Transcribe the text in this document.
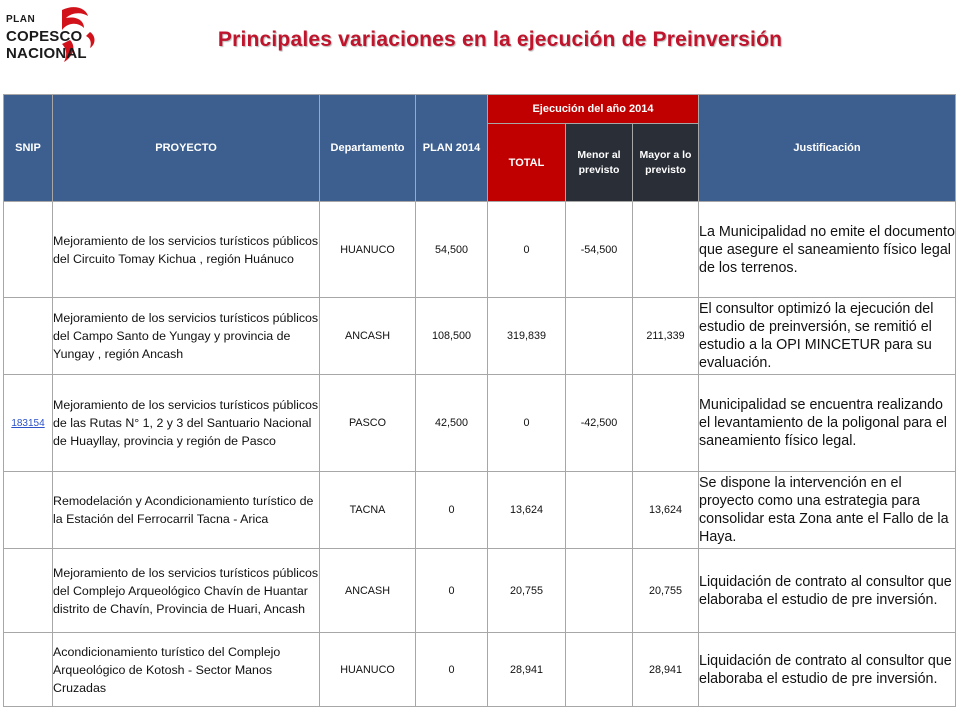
PLAN
COPESCO NACIONAL
Principales variaciones en la ejecución de Preinversión
SNIP	PROYECTO	Departamento	PLAN 2014	Ejecución del año 2014			Justificación
				TOTAL	Menor al previsto	Mayor a lo previsto	
	Mejoramiento de los servicios turísticos públicos del Circuito Tomay Kichua , región Huánuco	HUANUCO	54,500	0	-54,500		La Municipalidad no emite el documento que asegure el saneamiento físico legal de los terrenos.
	Mejoramiento de los servicios turísticos públicos del Campo Santo de Yungay y provincia de Yungay , región Ancash	ANCASH	108,500	319,839		211,339	El consultor optimizó la ejecución del estudio de preinversión, se remitió el estudio a la OPI MINCETUR para su evaluación.
183154	Mejoramiento de los servicios turísticos públicos de las Rutas N° 1, 2 y 3 del Santuario Nacional de Huayllay, provincia y región de Pasco	PASCO	42,500	0	-42,500		Municipalidad se encuentra realizando el levantamiento de la poligonal para el saneamiento físico legal.
	Remodelación y Acondicionamiento turístico de la Estación del Ferrocarril Tacna - Arica	TACNA	0	13,624		13,624	Se dispone la intervención en el proyecto como una estrategia para consolidar esta Zona ante el Fallo de la Haya.
	Mejoramiento de los servicios turísticos públicos del Complejo Arqueológico Chavín de Huantar distrito de Chavín, Provincia de Huari, Ancash	ANCASH	0	20,755		20,755	Liquidación de contrato al consultor que elaboraba el estudio de pre inversión.
	Acondicionamiento turístico del Complejo Arqueológico de Kotosh - Sector Manos Cruzadas	HUANUCO	0	28,941		28,941	Liquidación de contrato al consultor que elaboraba el estudio de pre inversión.
